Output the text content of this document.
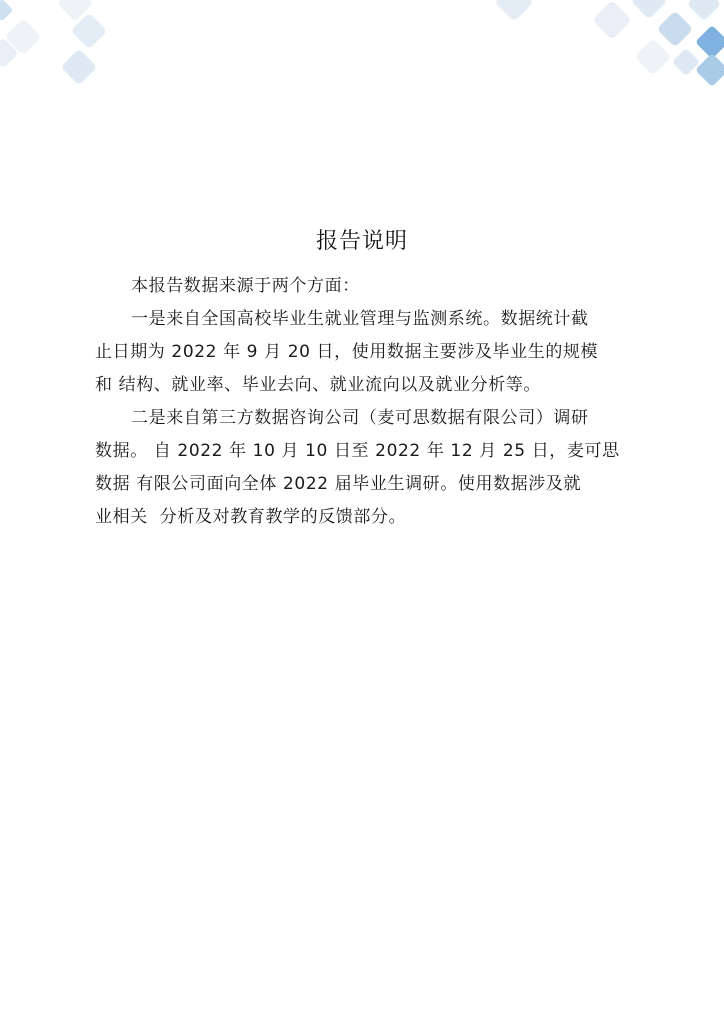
报告说明

本报告数据来源于两个方面：

一是来自全国高校毕业生就业管理与监测系统。数据统计截
止日期为 2022 年 9 月 20 日，使用数据主要涉及毕业生的规模
和 结构、就业率、毕业去向、就业流向以及就业分析等。

二是来自第三方数据咨询公司（麦可思数据有限公司）调研
数据。 自 2022 年 10 月 10 日至 2022 年 12 月 25 日，麦可思
数据 有限公司面向全体 2022 届毕业生调研。使用数据涉及就
业相关  分析及对教育教学的反馈部分。
